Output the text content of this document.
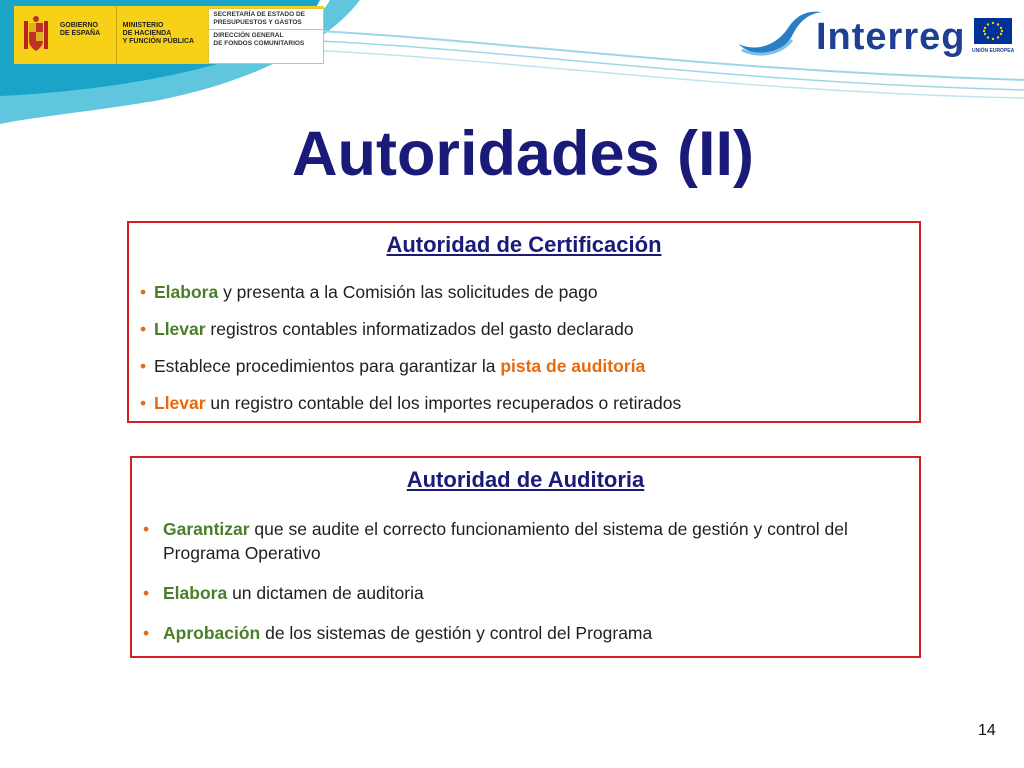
GOBIERNO
DE ESPAÑA
MINISTERIO
DE HACIENDA
Y FUNCIÓN PÚBLICA
SECRETARÍA DE ESTADO DE
PRESUPUESTOS Y GASTOS
DIRECCIÓN GENERAL
DE FONDOS COMUNITARIOS	Interreg UNIÓN EUROPEA
Autoridades (II)
Autoridad de Certificación
• Elabora y presenta a la Comisión las solicitudes de pago
• Llevar registros contables informatizados del gasto declarado
• Establece procedimientos para garantizar la pista de auditoría
• Llevar un registro contable del los importes recuperados o retirados
Autoridad de Auditoria
• Garantizar que se audite el correcto funcionamiento del sistema de gestión y control del Programa Operativo
• Elabora un dictamen de auditoria
• Aprobación de los sistemas de gestión y control del Programa
14
